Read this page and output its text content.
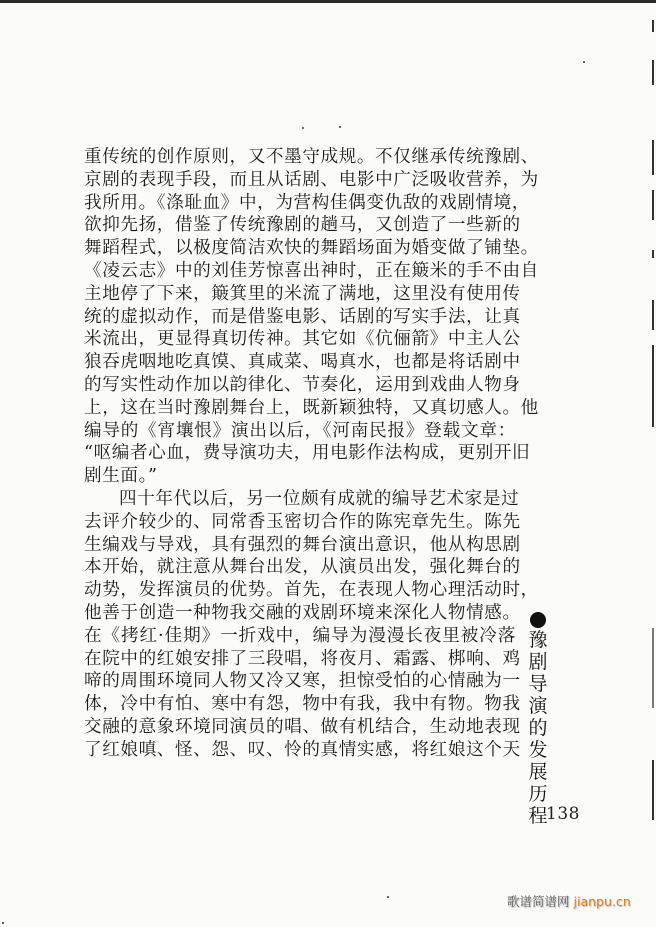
重传统的创作原则，又不墨守成规。不仅继承传统豫剧、
京剧的表现手段，而且从话剧、电影中广泛吸收营养，为
我所用。《涤耻血》中，为营构佳偶变仇敌的戏剧情境，
欲抑先扬，借鉴了传统豫剧的趟马，又创造了一些新的
舞蹈程式，以极度简洁欢快的舞蹈场面为婚变做了铺垫。
《凌云志》中的刘佳芳惊喜出神时，正在簸米的手不由自
主地停了下来，簸箕里的米流了满地，这里没有使用传
统的虚拟动作，而是借鉴电影、话剧的写实手法，让真
米流出，更显得真切传神。其它如《伉俪箭》中主人公
狼吞虎咽地吃真馍、真咸菜、喝真水，也都是将话剧中
的写实性动作加以韵律化、节奏化，运用到戏曲人物身
上，这在当时豫剧舞台上，既新颖独特，又真切感人。他
编导的《宵壤恨》演出以后，《河南民报》登载文章：
“呕编者心血，费导演功夫，用电影作法构成，更别开旧
剧生面。”
四十年代以后，另一位颇有成就的编导艺术家是过
去评介较少的、同常香玉密切合作的陈宪章先生。陈先
生编戏与导戏，具有强烈的舞台演出意识，他从构思剧
本开始，就注意从舞台出发，从演员出发，强化舞台的
动势，发挥演员的优势。首先，在表现人物心理活动时，
他善于创造一种物我交融的戏剧环境来深化人物情感。
在《拷红·佳期》一折戏中，编导为漫漫长夜里被冷落
在院中的红娘安排了三段唱，将夜月、霜露、梆响、鸡
啼的周围环境同人物又冷又寒，担惊受怕的心情融为一
体，冷中有怕、寒中有怨，物中有我，我中有物。物我
交融的意象环境同演员的唱、做有机结合，生动地表现
了红娘嗔、怪、怨、叹、怜的真情实感，将红娘这个天
豫
剧
导
演
的
发
展
历
程
138
歌谱简谱网 jianpu.cn
